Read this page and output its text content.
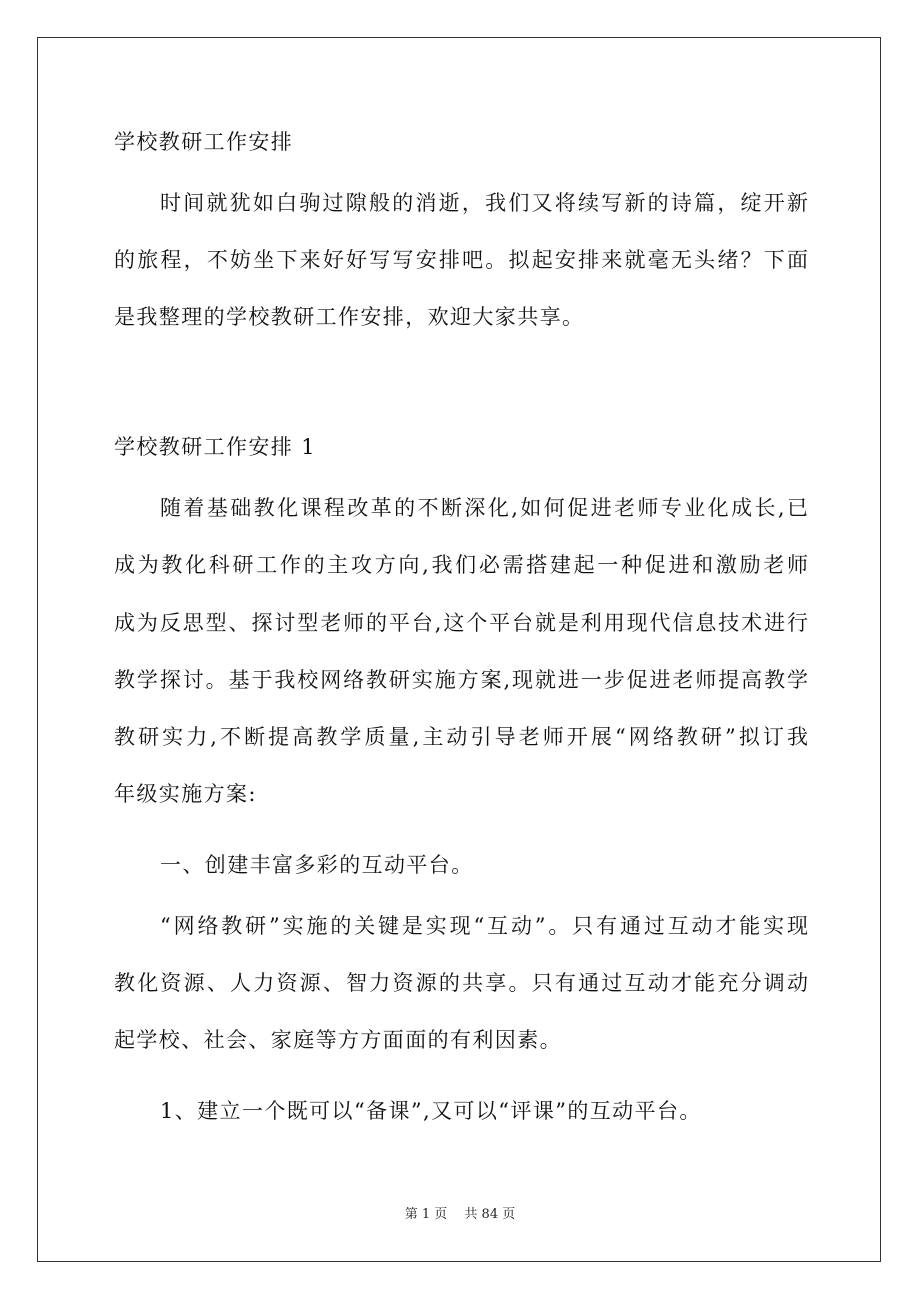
学校教研工作安排
时间就犹如白驹过隙般的消逝，我们又将续写新的诗篇，绽开新
的旅程，不妨坐下来好好写写安排吧。拟起安排来就毫无头绪？下面
是我整理的学校教研工作安排，欢迎大家共享。
学校教研工作安排 1
随着基础教化课程改革的不断深化,如何促进老师专业化成长,已
成为教化科研工作的主攻方向,我们必需搭建起一种促进和激励老师
成为反思型、探讨型老师的平台,这个平台就是利用现代信息技术进行
教学探讨。基于我校网络教研实施方案,现就进一步促进老师提高教学
教研实力,不断提高教学质量,主动引导老师开展“网络教研”拟订我
年级实施方案:
一、创建丰富多彩的互动平台。
“网络教研”实施的关键是实现“互动”。只有通过互动才能实现
教化资源、人力资源、智力资源的共享。只有通过互动才能充分调动
起学校、社会、家庭等方方面面的有利因素。
1、建立一个既可以“备课”,又可以“评课”的互动平台。
第 1 页　 共 84 页
